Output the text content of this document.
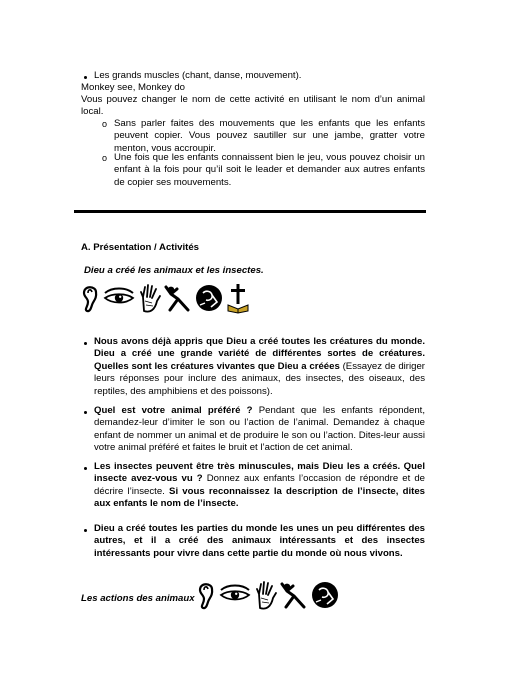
Les grands muscles (chant, danse, mouvement).
Monkey see, Monkey do
Vous pouvez changer le nom de cette activité en utilisant le nom d’un animal local.
o Sans parler faites des mouvements que les enfants que les enfants peuvent copier. Vous pouvez sautiller sur une jambe, gratter votre menton, vous accroupir.
o Une fois que les enfants connaissent bien le jeu, vous pouvez choisir un enfant à la fois pour qu’il soit le leader et demander aux autres enfants de copier ses mouvements.
A. Présentation / Activités
Dieu a créé les animaux et les insectes.
Nous avons déjà appris que Dieu a créé toutes les créatures du monde. Dieu a créé une grande variété de différentes sortes de créatures. Quelles sont les créatures vivantes que Dieu a créées (Essayez de diriger leurs réponses pour inclure des animaux, des insectes, des oiseaux, des reptiles, des amphibiens et des poissons).
Quel est votre animal préféré ? Pendant que les enfants répondent, demandez-leur d’imiter le son ou l’action de l’animal. Demandez à chaque enfant de nommer un animal et de produire le son ou l’action. Dites-leur aussi votre animal préféré et faites le bruit et l’action de cet animal.
Les insectes peuvent être très minuscules, mais Dieu les a créés. Quel insecte avez-vous vu ? Donnez aux enfants l’occasion de répondre et de décrire l’insecte. Si vous reconnaissez la description de l’insecte, dites aux enfants le nom de l’insecte.
Dieu a créé toutes les parties du monde les unes un peu différentes des autres, et il a créé des animaux intéressants et des insectes intéressants pour vivre dans cette partie du monde où nous vivons.
Les actions des animaux
